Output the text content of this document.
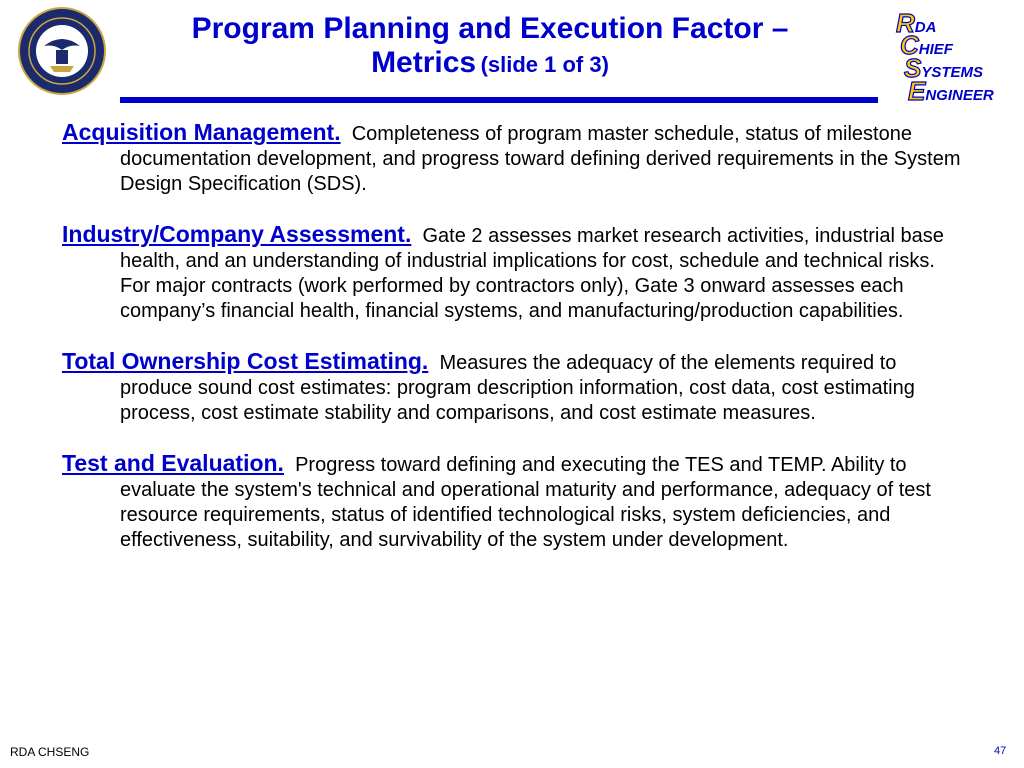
Program Planning and Execution Factor –
Metrics (slide 1 of 3)
RDA
CHIEF
SYSTEMS
ENGINEER
Acquisition Management. Completeness of program master schedule, status of milestone documentation development, and progress toward defining derived requirements in the System Design Specification (SDS).
Industry/Company Assessment. Gate 2 assesses market research activities, industrial base health, and an understanding of industrial implications for cost, schedule and technical risks. For major contracts (work performed by contractors only), Gate 3 onward assesses each company’s financial health, financial systems, and manufacturing/production capabilities.
Total Ownership Cost Estimating. Measures the adequacy of the elements required to produce sound cost estimates: program description information, cost data, cost estimating process, cost estimate stability and comparisons, and cost estimate measures.
Test and Evaluation. Progress toward defining and executing the TES and TEMP. Ability to evaluate the system's technical and operational maturity and performance, adequacy of test resource requirements, status of identified technological risks, system deficiencies, and effectiveness, suitability, and survivability of the system under development.
RDA CHSENG	47
